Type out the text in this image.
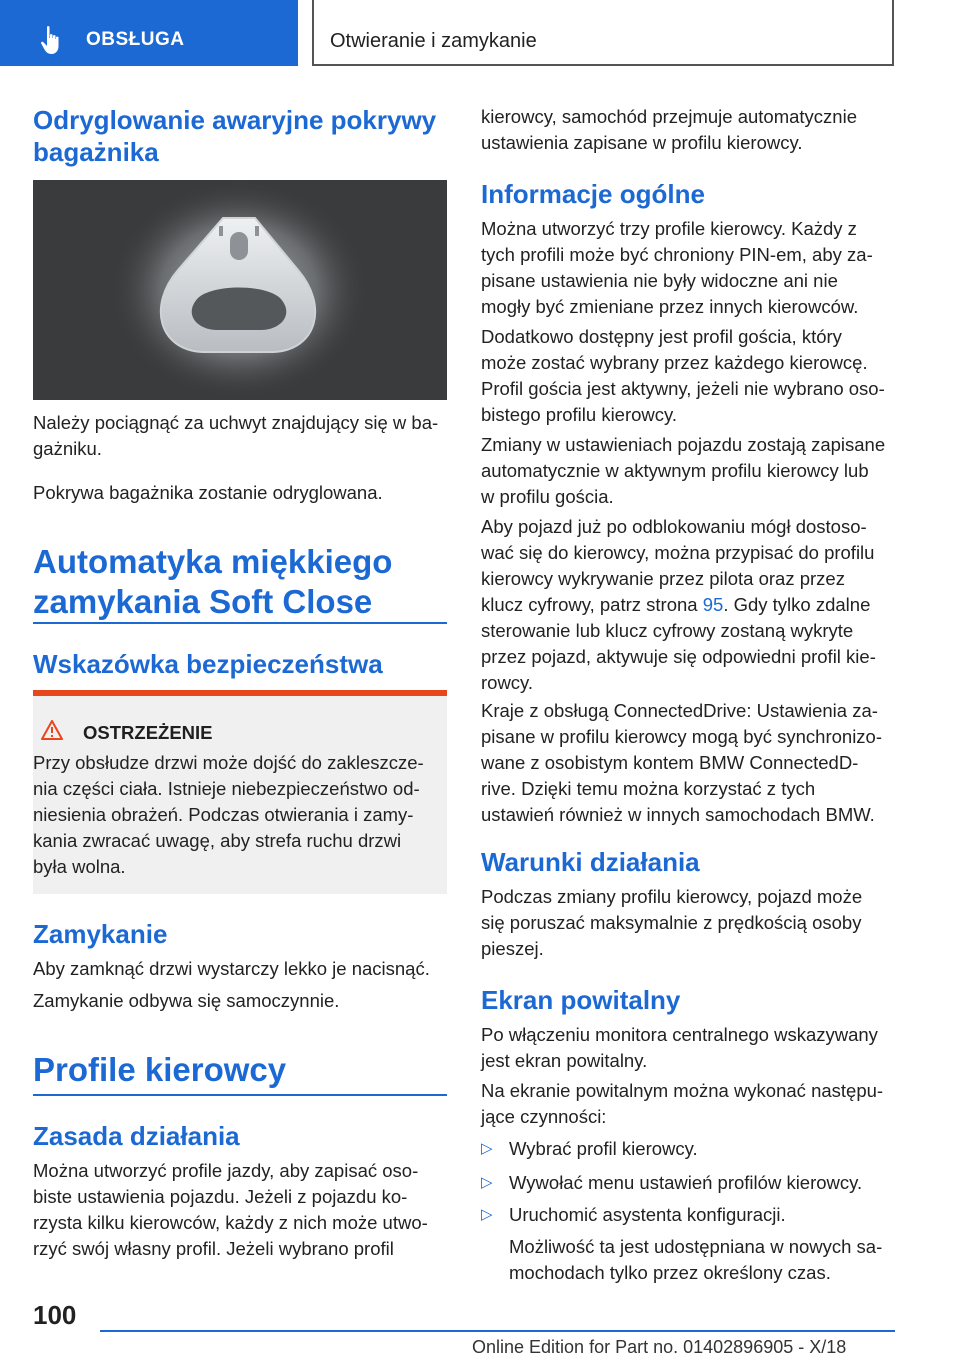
OBSŁUGA	Otwieranie i zamykanie
Odryglowanie awaryjne pokrywy
bagażnika
Należy pociągnąć za uchwyt znajdujący się w ba-
gażniku.
Pokrywa bagażnika zostanie odryglowana.
Automatyka miękkiego
zamykania Soft Close
Wskazówka bezpieczeństwa
OSTRZEŻENIE
Przy obsłudze drzwi może dojść do zakleszcze-
nia części ciała. Istnieje niebezpieczeństwo od-
niesienia obrażeń. Podczas otwierania i zamy-
kania zwracać uwagę, aby strefa ruchu drzwi
była wolna.
Zamykanie
Aby zamknąć drzwi wystarczy lekko je nacisnąć.
Zamykanie odbywa się samoczynnie.
Profile kierowcy
Zasada działania
Można utworzyć profile jazdy, aby zapisać oso-
biste ustawienia pojazdu. Jeżeli z pojazdu ko-
rzysta kilku kierowców, każdy z nich może utwo-
rzyć swój własny profil. Jeżeli wybrano profil
kierowcy, samochód przejmuje automatycznie
ustawienia zapisane w profilu kierowcy.
Informacje ogólne
Można utworzyć trzy profile kierowcy. Każdy z
tych profili może być chroniony PIN-em, aby za-
pisane ustawienia nie były widoczne ani nie
mogły być zmieniane przez innych kierowców.
Dodatkowo dostępny jest profil gościa, który
może zostać wybrany przez każdego kierowcę.
Profil gościa jest aktywny, jeżeli nie wybrano oso-
bistego profilu kierowcy.
Zmiany w ustawieniach pojazdu zostają zapisane
automatycznie w aktywnym profilu kierowcy lub
w profilu gościa.
Aby pojazd już po odblokowaniu mógł dostoso-
wać się do kierowcy, można przypisać do profilu
kierowcy wykrywanie przez pilota oraz przez
klucz cyfrowy, patrz strona 95. Gdy tylko zdalne
sterowanie lub klucz cyfrowy zostaną wykryte
przez pojazd, aktywuje się odpowiedni profil kie-
rowcy.
Kraje z obsługą ConnectedDrive: Ustawienia za-
pisane w profilu kierowcy mogą być synchronizo-
wane z osobistym kontem BMW ConnectedD-
rive. Dzięki temu można korzystać z tych
ustawień również w innych samochodach BMW.
Warunki działania
Podczas zmiany profilu kierowcy, pojazd może
się poruszać maksymalnie z prędkością osoby
pieszej.
Ekran powitalny
Po włączeniu monitora centralnego wskazywany
jest ekran powitalny.
Na ekranie powitalnym można wykonać następu-
jące czynności:
▷ Wybrać profil kierowcy.
▷ Wywołać menu ustawień profilów kierowcy.
▷ Uruchomić asystenta konfiguracji.
Możliwość ta jest udostępniana w nowych sa-
mochodach tylko przez określony czas.
100
Online Edition for Part no. 01402896905 - X/18
